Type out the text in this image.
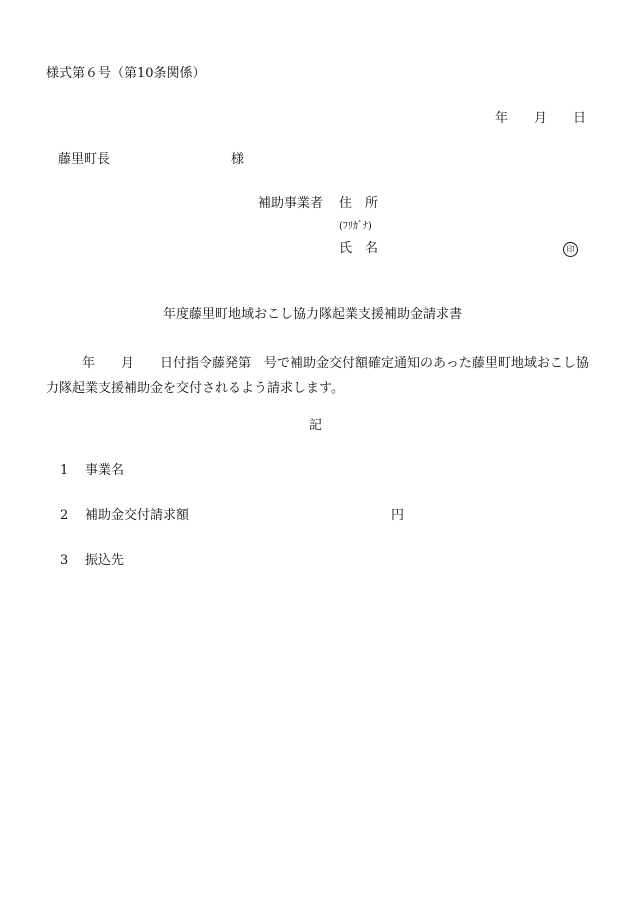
様式第６号（第10条関係）
年 月 日
藤里町長	様
補助事業者 住　所
(ﾌﾘｶﾞﾅ)
氏　名	印
年度藤里町地域おこし協力隊起業支援補助金請求書
年　　月　　日付指令藤発第　号で補助金交付額確定通知のあった藤里町地域おこし協力隊起業支援補助金を交付されるよう請求します。
記
1 事業名
2 補助金交付請求額	円
3 振込先
